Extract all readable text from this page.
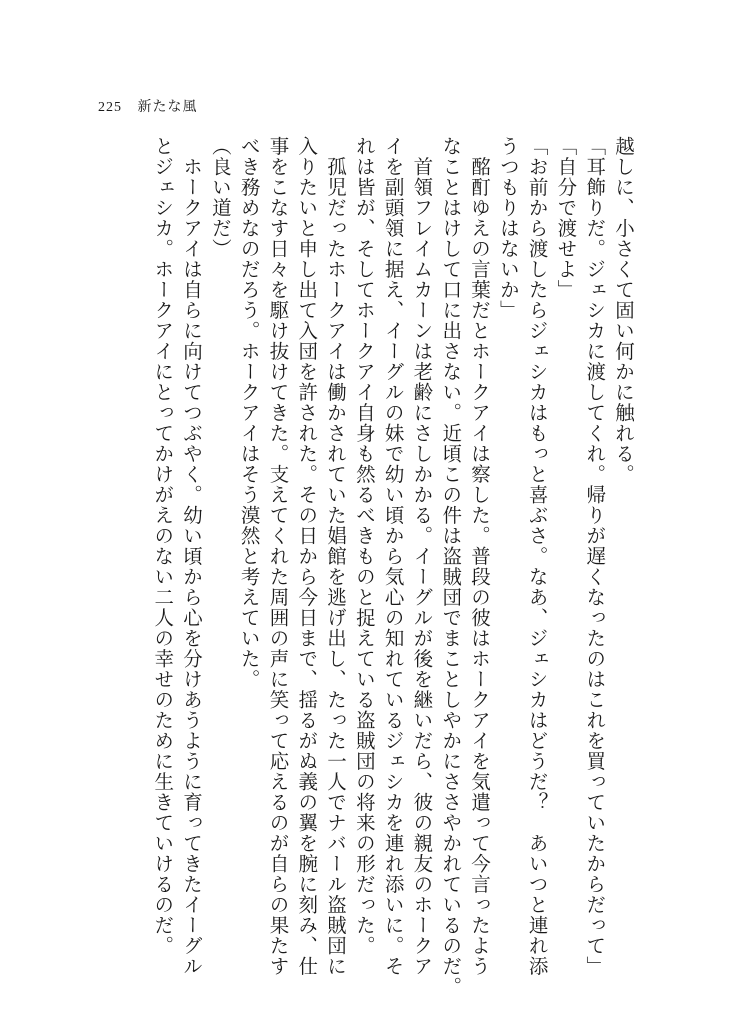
225 新たな風
越しに、小さくて固い何かに触れる。
「耳飾りだ。ジェシカに渡してくれ。帰りが遅くなったのはこれを買っていたからだって」
「自分で渡せよ」
「お前から渡したらジェシカはもっと喜ぶさ。なあ、ジェシカはどうだ？　あいつと連れ添
うつもりはないか」
　酩酊ゆえの言葉だとホークアイは察した。普段の彼はホークアイを気遣って今言ったよう
なことはけして口に出さない。近頃この件は盗賊団でまことしやかにささやかれているのだ。
　首領フレイムカーンは老齢にさしかかる。イーグルが後を継いだら、彼の親友のホークア
イを副頭領に据え、イーグルの妹で幼い頃から気心の知れているジェシカを連れ添いに。そ
れは皆が、そしてホークアイ自身も然るべきものと捉えている盗賊団の将来の形だった。
　孤児だったホークアイは働かされていた娼館を逃げ出し、たった一人でナバール盗賊団に
入りたいと申し出て入団を許された。その日から今日まで、揺るがぬ義の翼を腕に刻み、仕
事をこなす日々を駆け抜けてきた。支えてくれた周囲の声に笑って応えるのが自らの果たす
べき務めなのだろう。ホークアイはそう漠然と考えていた。
（良い道だ）
　ホークアイは自らに向けてつぶやく。幼い頃から心を分けあうように育ってきたイーグル
とジェシカ。ホークアイにとってかけがえのない二人の幸せのために生きていけるのだ。
